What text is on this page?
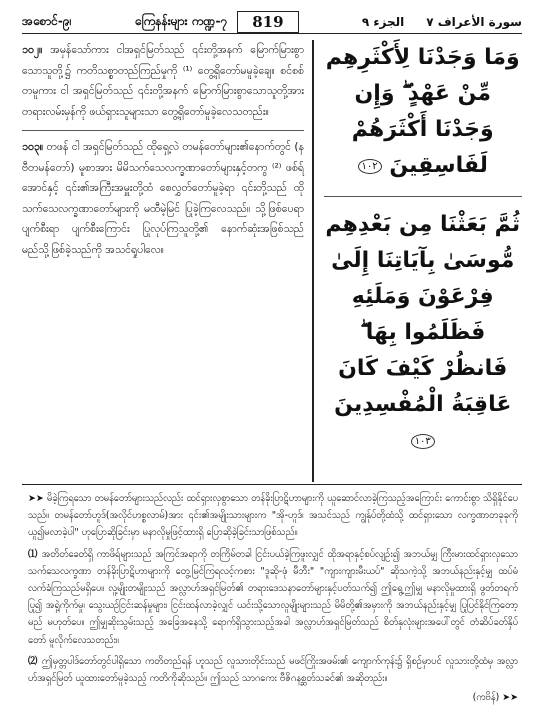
အစောင်-၉၊	ကြေနန်းများ ကဏ္ဍ-၇	819	سورة الأعراف ٧
الجزء ٩

၁၀၂။ အမှန်သော်ကား ငါအရှင်မြတ်သည် ၎င်းတို့အနက် မြောက်မြားစွာသောသူတို့၌ ကတိသစ္စာတည်ကြည်မှုကို ⁽¹⁾ တွေ့ရှိတော်မမူခဲ့ချေ။ စင်စစ်တမူကား ငါ အရှင်မြတ်သည် ၎င်းတို့အနက် မြောက်မြားစွာသောသူတို့အား တရားလမ်းမှန်ကို ဖယ်ရှားသူများသာ တွေ့ရှိတော်မူခဲ့လေသတည်း။

၁၀၃။ တဖန် ငါ အရှင်မြတ်သည် ထိုရှေ့လဲ တမန်တော်များ၏နောက်တွင် (နဗီတမန်တော်) မူစာအား မိမိသက်သေလက္ခဏာတော်များနှင့်တကွ ⁽²⁾ ဖစ်ရ်အောင်နှင့် ၎င်း၏အကြီးအမှူးတို့ထံ စေလွှတ်တော်မူခဲ့ရာ ၎င်းတို့သည် ထိုသက်သေလက္ခဏာတော်များကို မထီမဲ့မြင် ပြုခဲ့ကြလေသည်။ သို့ဖြစ်ပေရာ ပျက်စီးရာ ပျက်စီးကြောင်း ပြုလုပ်ကြသူတို့၏ နောက်ဆုံးအဖြစ်သည် မည်သို့ဖြစ်ခဲ့သည်ကို အသင်ရှုပါလေ။

وَمَا وَجَدْنَا لِأَكْثَرِهِم مِّنْ عَهْدٍ ۖ وَإِن وَجَدْنَا أَكْثَرَهُمْ لَفَاسِقِينَ ١٠٢
ثُمَّ بَعَثْنَا مِن بَعْدِهِم مُّوسَىٰ بِآيَاتِنَا إِلَىٰ فِرْعَوْنَ وَمَلَئِهِ فَظَلَمُوا بِهَا ۖ فَانظُرْ كَيْفَ كَانَ عَاقِبَةُ الْمُفْسِدِينَ ١٠٣

➤➤ မိခဲ့ကြရသော တမန်တော်များသည်လည်း ထင်ရှားလှစွာသော တန်ခိုးပြာဋိဟာများကို ယူဆောင်လာခဲ့ကြသည့်အကြောင်း ကောင်းစွာ သိရှိနိုင်ပေသည်။ တမန်တော်ဟူဒ်(အလိုင်ဟစ္စလာမ်)အား ၎င်း၏အမျိုးသားများက "အို-ဟူဒ်၊ အသင်သည် ကျွန်ုပ်တို့ထံသို့ ထင်ရှားသော လက္ခဏာတခုခုကို ယူ၍မလာခဲ့ပါ" ဟုပြောဆိုခြင်းမှာ မနာလိုမှုဖြင့်ထားရှိ ပြောဆိုခဲ့ခြင်းသာဖြစ်သည်။

⑴ အတိတ်ခေတ်ရှိ ကာဖိရ်များသည် အကြင်အရာကို တကြိမ်တခါ ငြင်းပယ်ခဲ့ကြဖူးလျှင် ထိုအရာနှင့်စပ်လျဉ်း၍ အဘယ်မျှ ကြီးမားထင်ရှားလှသော သက်သေလက္ခဏာ တန်ခိုးပြာဋိဟာများကို တွေ့မြင်ကြရလင့်ကစား "ဒူဆို-ဖုံ မီဘီး" "ကျားကျားမီးယပ်" ဆိုသကဲ့သို့ အဘယ်နည်းနှင့်မျှ ထပ်မံလက်ခံကြသည်မရှိပေ။ လူ့မျိုးတမျိုးသည် အလ္လာဟ်အရှင်မြတ်၏ တရားဒေသနာတော်များနှင့်ပတ်သက်၍ ဤရွေ့ဤမျှ မနာလိုမှုထားရှိ ဖွတ်တရက်ပြု၍ အရှဲ့ကိုက်မှု၊ သွေးယဉ်ငြင်းဆန်မှုများ၊ ငြင်းထန်လာခဲ့လျှင် ယင်းသို့သောလူမျိုးများသည် မိမိတို့၏အမှားကို အဘယ်နည်းနှင့်မျှ ပြုပြင်နိုင်ကြတော့မည် မဟုတ်ပေ။ ဤမျှဆိုးသွမ်းသည့် အခြေအနေသို့ ရောက်ရှိသွားသည့်အခါ အလ္လာဟ်အရှင်မြတ်သည် စိတ်နှလုံးများအပေါ်တွင် တံဆိပ်ခတ်နှိပ်တော် မူလိုက်လေသတည်း။

⑵ ဤမှတ္တပါဒ်တော်တွင်ပါရှိသော ကတိတည်ရန် ဟူသည် လူသားတိုင်းသည် မဖင်ကြိုးအဖမ်း၏ ကျောက်ကုန်း၌ ရှိစဉ်မှာပင် လူသားတို့ထံမှ အလ္လာဟ်အရှင်မြတ် ယူထားတော်မူခဲ့သည့် ကတိကိုဆိုသည်။ ဤသည် သာဂကေး ဗီဇိဂနစ္ဆတ်သခင်၏ အဆိုတည်း။

(ကဗိန်) ➤➤
